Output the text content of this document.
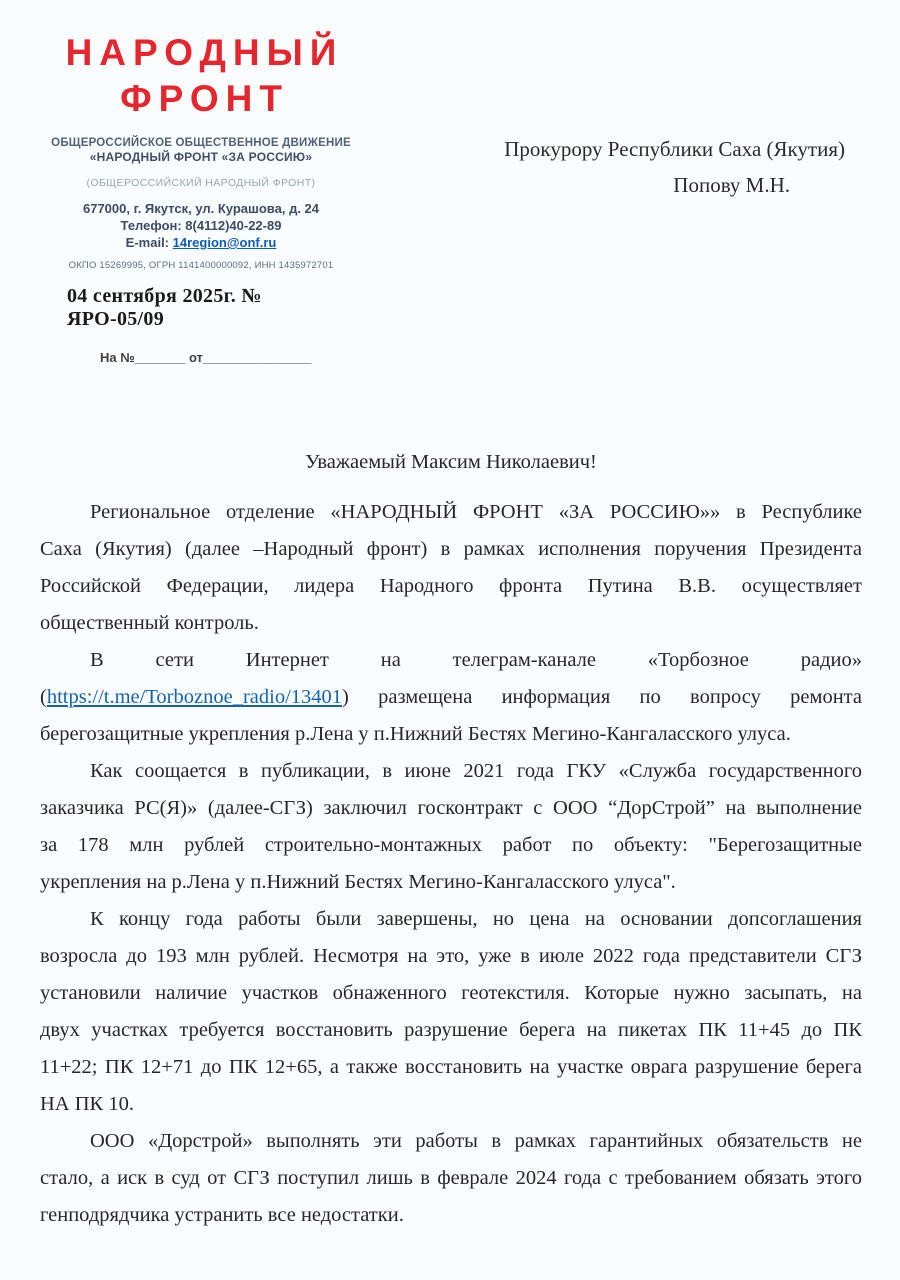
НАРОДНЫЙ
ФРОНТ
ОБЩЕРОССИЙСКОЕ ОБЩЕСТВЕННОЕ ДВИЖЕНИЕ
«НАРОДНЫЙ ФРОНТ «ЗА РОССИЮ»
(ОБЩЕРОССИЙСКИЙ НАРОДНЫЙ ФРОНТ)
677000, г. Якутск, ул. Курашова, д. 24
Телефон: 8(4112)40-22-89
E-mail: 14region@onf.ru
ОКПО 15269995, ОГРН 1141400000092, ИНН 1435972701
04 сентября 2025г. № ЯРО-05/09
На №_______ от_______________
Прокурору Республики Саха (Якутия)
Попову М.Н.
Уважаемый Максим Николаевич!
Региональное отделение «НАРОДНЫЙ ФРОНТ «ЗА РОССИЮ»» в Республике
Саха (Якутия) (далее –Народный фронт) в рамках исполнения поручения Президента
Российской Федерации, лидера Народного фронта Путина В.В. осуществляет
общественный контроль.
В сети Интернет на телеграм-канале «Торбозное радио»
(https://t.me/Torboznoe_radio/13401) размещена информация по вопросу ремонта
берегозащитные укрепления р.Лена у п.Нижний Бестях Мегино-Кангаласского улуса.
Как соощается в публикации, в июне 2021 года ГКУ «Служба государственного
заказчика РС(Я)» (далее-СГЗ) заключил госконтракт с ООО “ДорСтрой” на выполнение
за 178 млн рублей строительно-монтажных работ по объекту: "Берегозащитные
укрепления на р.Лена у п.Нижний Бестях Мегино-Кангаласского улуса".
К концу года работы были завершены, но цена на основании допсоглашения
возросла до 193 млн рублей. Несмотря на это, уже в июле 2022 года представители СГЗ
установили наличие участков обнаженного геотекстиля. Которые нужно засыпать, на
двух участках требуется восстановить разрушение берега на пикетах ПК 11+45 до ПК
11+22; ПК 12+71 до ПК 12+65, а также восстановить на участке оврага разрушение берега
НА ПК 10.
ООО «Дорстрой» выполнять эти работы в рамках гарантийных обязательств не
стало, а иск в суд от СГЗ поступил лишь в феврале 2024 года с требованием обязать этого
генподрядчика устранить все недостатки.
